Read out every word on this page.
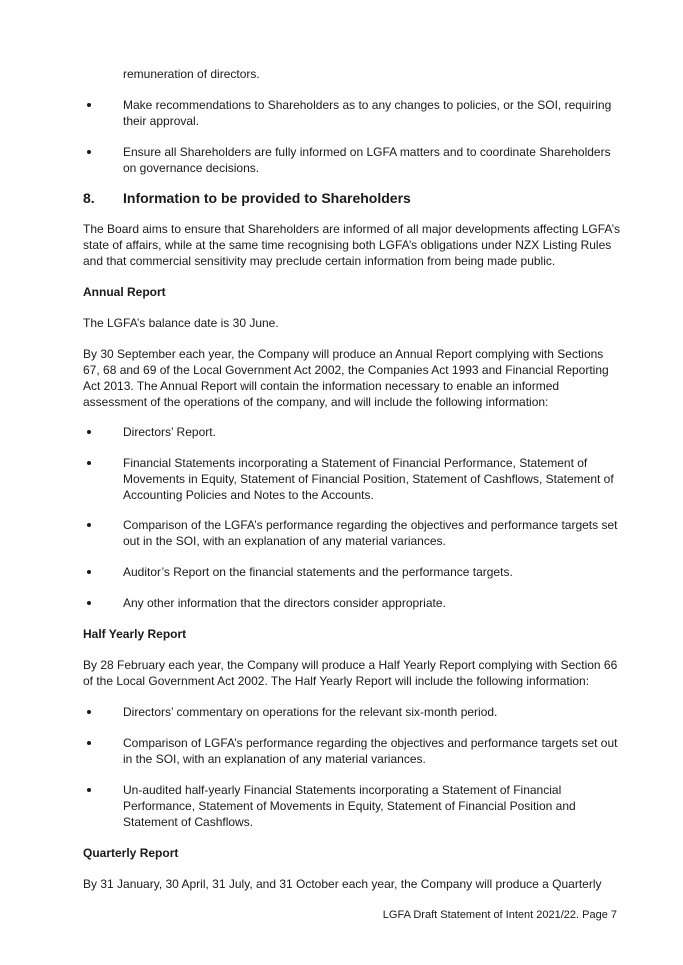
remuneration of directors.

Make recommendations to Shareholders as to any changes to policies, or the SOI, requiring their approval.
Ensure all Shareholders are fully informed on LGFA matters and to coordinate Shareholders on governance decisions.
8. Information to be provided to Shareholders

The Board aims to ensure that Shareholders are informed of all major developments affecting LGFA’s state of affairs, while at the same time recognising both LGFA’s obligations under NZX Listing Rules and that commercial sensitivity may preclude certain information from being made public.

Annual Report

The LGFA’s balance date is 30 June.

By 30 September each year, the Company will produce an Annual Report complying with Sections 67, 68 and 69 of the Local Government Act 2002, the Companies Act 1993 and Financial Reporting Act 2013. The Annual Report will contain the information necessary to enable an informed assessment of the operations of the company, and will include the following information:

Directors’ Report.
Financial Statements incorporating a Statement of Financial Performance, Statement of Movements in Equity, Statement of Financial Position, Statement of Cashflows, Statement of Accounting Policies and Notes to the Accounts.
Comparison of the LGFA’s performance regarding the objectives and performance targets set out in the SOI, with an explanation of any material variances.
Auditor’s Report on the financial statements and the performance targets.
Any other information that the directors consider appropriate.
Half Yearly Report

By 28 February each year, the Company will produce a Half Yearly Report complying with Section 66 of the Local Government Act 2002. The Half Yearly Report will include the following information:

Directors’ commentary on operations for the relevant six-month period.
Comparison of LGFA’s performance regarding the objectives and performance targets set out in the SOI, with an explanation of any material variances.
Un-audited half-yearly Financial Statements incorporating a Statement of Financial Performance, Statement of Movements in Equity, Statement of Financial Position and Statement of Cashflows.
Quarterly Report

By 31 January, 30 April, 31 July, and 31 October each year, the Company will produce a Quarterly

LGFA Draft Statement of Intent 2021/22. Page 7
